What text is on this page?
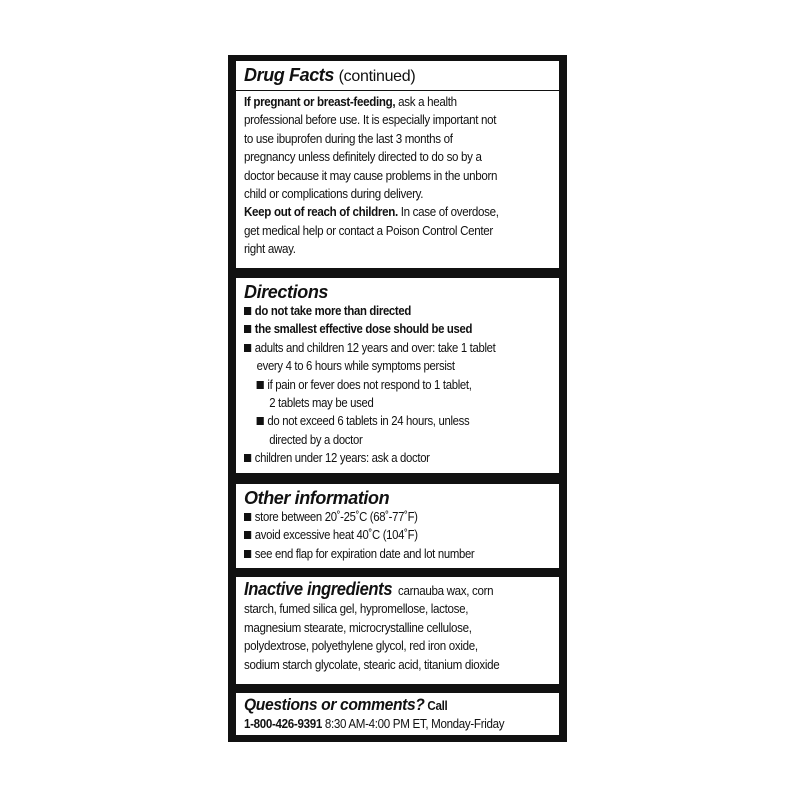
Drug Facts (continued)
If pregnant or breast-feeding, ask a health
professional before use. It is especially important not
to use ibuprofen during the last 3 months of
pregnancy unless definitely directed to do so by a
doctor because it may cause problems in the unborn
child or complications during delivery.
Keep out of reach of children. In case of overdose,
get medical help or contact a Poison Control Center
right away.
Directions
do not take more than directed
the smallest effective dose should be used
adults and children 12 years and over: take 1 tablet
every 4 to 6 hours while symptoms persist
if pain or fever does not respond to 1 tablet,
2 tablets may be used
do not exceed 6 tablets in 24 hours, unless
directed by a doctor
children under 12 years: ask a doctor
Other information
store between 20˚-25˚C (68˚-77˚F)
avoid excessive heat 40˚C (104˚F)
see end flap for expiration date and lot number
Inactive ingredients carnauba wax, corn
starch, fumed silica gel, hypromellose, lactose,
magnesium stearate, microcrystalline cellulose,
polydextrose, polyethylene glycol, red iron oxide,
sodium starch glycolate, stearic acid, titanium dioxide
Questions or comments? Call
1-800-426-9391 8:30 AM-4:00 PM ET, Monday-Friday
